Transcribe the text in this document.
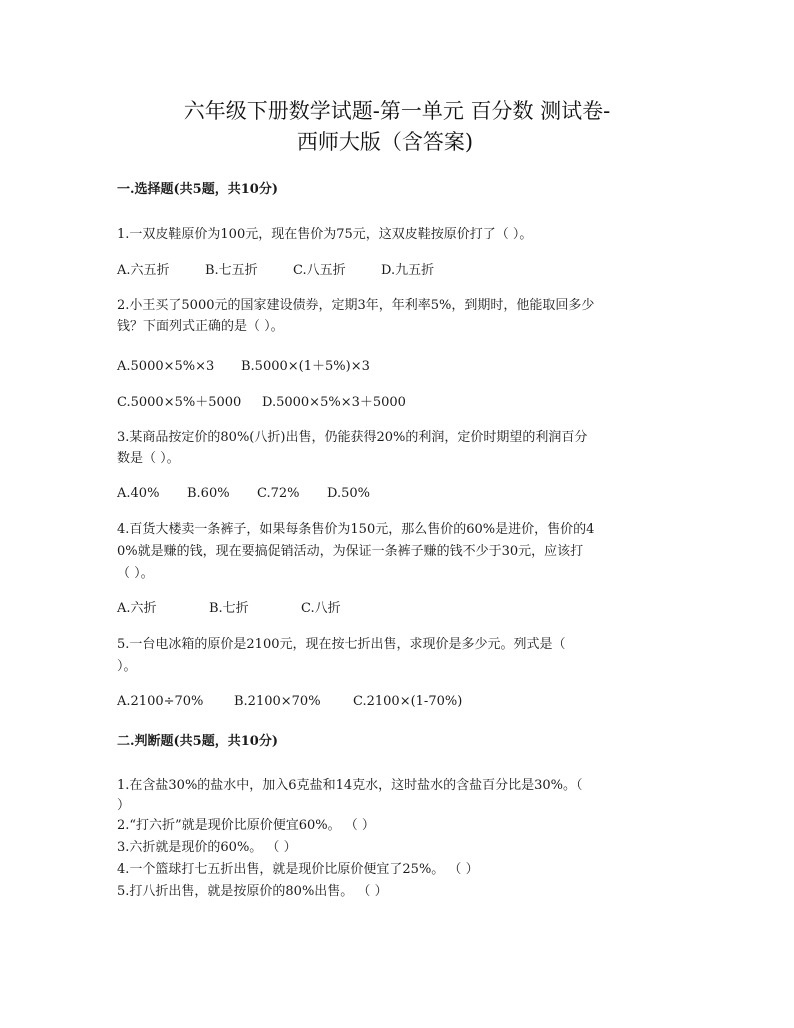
六年级下册数学试题-第一单元 百分数 测试卷-
西师大版（含答案)
一.选择题(共5题，共10分)
1.一双皮鞋原价为100元，现在售价为75元，这双皮鞋按原价打了（ ）。
A.六五折	B.七五折	C.八五折	D.九五折
2.小王买了5000元的国家建设债券，定期3年，年利率5%，到期时，他能取回多少
钱？下面列式正确的是（ ）。
A.5000×5%×3 B.5000×(1＋5%)×3
C.5000×5%＋5000 D.5000×5%×3＋5000
3.某商品按定价的80%(八折)出售，仍能获得20%的利润，定价时期望的利润百分
数是（ ）。
A.40% B.60% C.72% D.50%
4.百货大楼卖一条裤子，如果每条售价为150元，那么售价的60%是进价，售价的4
0%就是赚的钱，现在要搞促销活动，为保证一条裤子赚的钱不少于30元，应该打
（ ）。
A.六折	B.七折	C.八折
5.一台电冰箱的原价是2100元，现在按七折出售，求现价是多少元。列式是（
）。
A.2100÷70% B.2100×70% C.2100×(1-70%)
二.判断题(共5题，共10分)
1.在含盐30%的盐水中，加入6克盐和14克水，这时盐水的含盐百分比是30%。（
）
2.“打六折”就是现价比原价便宜60%。 （ ）
3.六折就是现价的60%。 （ ）
4.一个篮球打七五折出售，就是现价比原价便宜了25%。 （ ）
5.打八折出售，就是按原价的80%出售。 （ ）
